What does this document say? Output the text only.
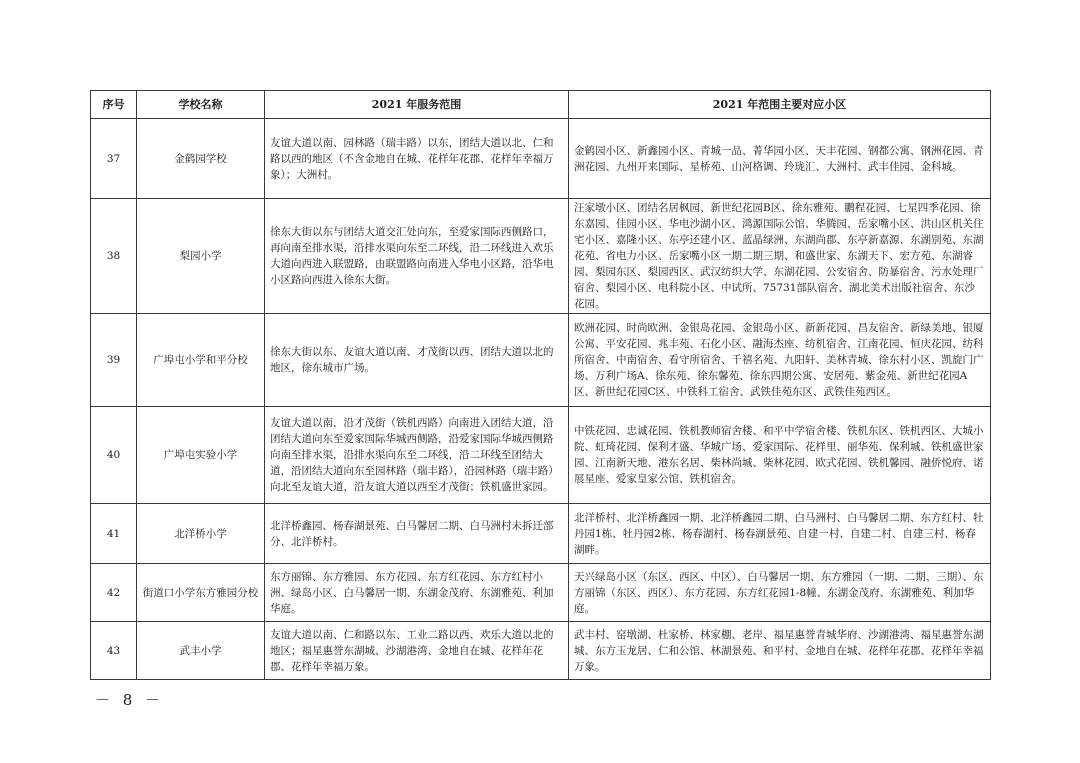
序号	学校名称	2021 年服务范围	2021 年范围主要对应小区
37	金鹤园学校	友谊大道以南、园林路（瑞丰路）以东，团结大道以北、仁和路以西的地区（不含金地自在城、花样年花郡、花样年幸福万象）；大洲村。	金鹤园小区、新鑫园小区、青城一品、菁华园小区、天丰花园、钢都公寓、钢洲花园、青洲花园、九州开来国际、星桥苑、山河格调、玲珑汇、大洲村、武丰佳园、金科城。
38	梨园小学	徐东大街以东与团结大道交汇处向东，至爱家国际西侧路口，再向南至排水渠，沿排水渠向东至二环线，沿二环线进入欢乐大道向西进入联盟路，由联盟路向南进入华电小区路，沿华电小区路向西进入徐东大街。	汪家墩小区、团结名居枫园、新世纪花园B区、徐东雅苑、鹏程花园、七星四季花园、徐东嘉园、佳园小区、华电沙湖小区、鸿源国际公馆、华腾园、岳家嘴小区、洪山区机关住宅小区、嘉隆小区、东亭还建小区、蓝晶绿洲、东湖尚郡、东亭新嘉源、东湖别苑、东湖花苑、省电力小区、岳家嘴小区一期二期三期、和盛世家、东湖天下、宏方苑、东湖睿园、梨园东区、梨园西区、武汉纺织大学、东湖花园、公安宿舍、防暴宿舍、污水处理厂宿舍、梨园小区、电科院小区、中试所、75731部队宿舍、湖北美术出版社宿舍、东沙花园。
39	广埠屯小学和平分校	徐东大街以东、友谊大道以南、才茂街以西、团结大道以北的地区，徐东城市广场。	欧洲花园、时尚欧洲、金银岛花园、金银岛小区、新新花园、昌友宿舍、新绿美地、银厦公寓、平安花园、兆丰苑、石化小区、融海杰座、纺机宿舍、江南花园、恒庆花园、纺科所宿舍、中南宿舍、看守所宿舍、千禧名苑、九阳轩、美林青城、徐东村小区、凯旋门广场、万利广场A、徐东苑、徐东馨苑、徐东四期公寓、安居苑、紫金苑、新世纪花园A区、新世纪花园C区、中铁科工宿舍、武铁佳苑东区、武铁佳苑西区。
40	广埠屯实验小学	友谊大道以南，沿才茂街（铁机西路）向南进入团结大道，沿团结大道向东至爱家国际华城西侧路，沿爱家国际华城西侧路向南至排水渠，沿排水渠向东至二环线，沿二环线至团结大道，沿团结大道向东至园林路（瑞丰路），沿园林路（瑞丰路）向北至友谊大道，沿友谊大道以西至才茂街；铁机盛世家园。	中铁花园、忠诚花园、铁机教师宿舍楼、和平中学宿舍楼、铁机东区、铁机西区、大城小院、虹琦花园、保利才盛、华城广场、爱家国际、花样里、丽华苑、保利城、铁机盛世家园、江南新天地、港东名居、柴林尚城、柴林花园、欧式花园、铁机馨园、融侨悦府、诺展星座、爱家皇家公馆、铁机宿舍。
41	北洋桥小学	北洋桥鑫园、杨春湖景苑、白马馨居二期、白马洲村未拆迁部分、北洋桥村。	北洋桥村、北洋桥鑫园一期、北洋桥鑫园二期、白马洲村、白马馨居二期、东方红村、牡丹园1栋、牡丹园2栋、杨春湖村、杨春湖景苑、自建一村、自建二村、自建三村、杨春湖畔。
42	街道口小学东方雅园分校	东方丽锦、东方雅园、东方花园、东方红花园、东方红村小洲、绿岛小区、白马馨居一期、东湖金茂府、东湖雅苑、利加华庭。	天兴绿岛小区（东区、西区、中区）、白马馨居一期、东方雅园（一期、二期、三期）、东方丽锦（东区、西区）、东方花园、东方红花园1-8幢、东湖金茂府、东湖雅苑、利加华庭。
43	武丰小学	友谊大道以南、仁和路以东、工业二路以西、欢乐大道以北的地区；福星惠誉东湖城、沙湖港湾、金地自在城、花样年花郡、花样年幸福万象。	武丰村、窑墩湖、杜家桥、林家棚、老岸、福星惠誉青城华府、沙湖港湾、福星惠誉东湖城、东方玉龙居、仁和公馆、林湖景苑、和平村、金地自在城、花样年花郡、花样年幸福万象。
－ 8 －
